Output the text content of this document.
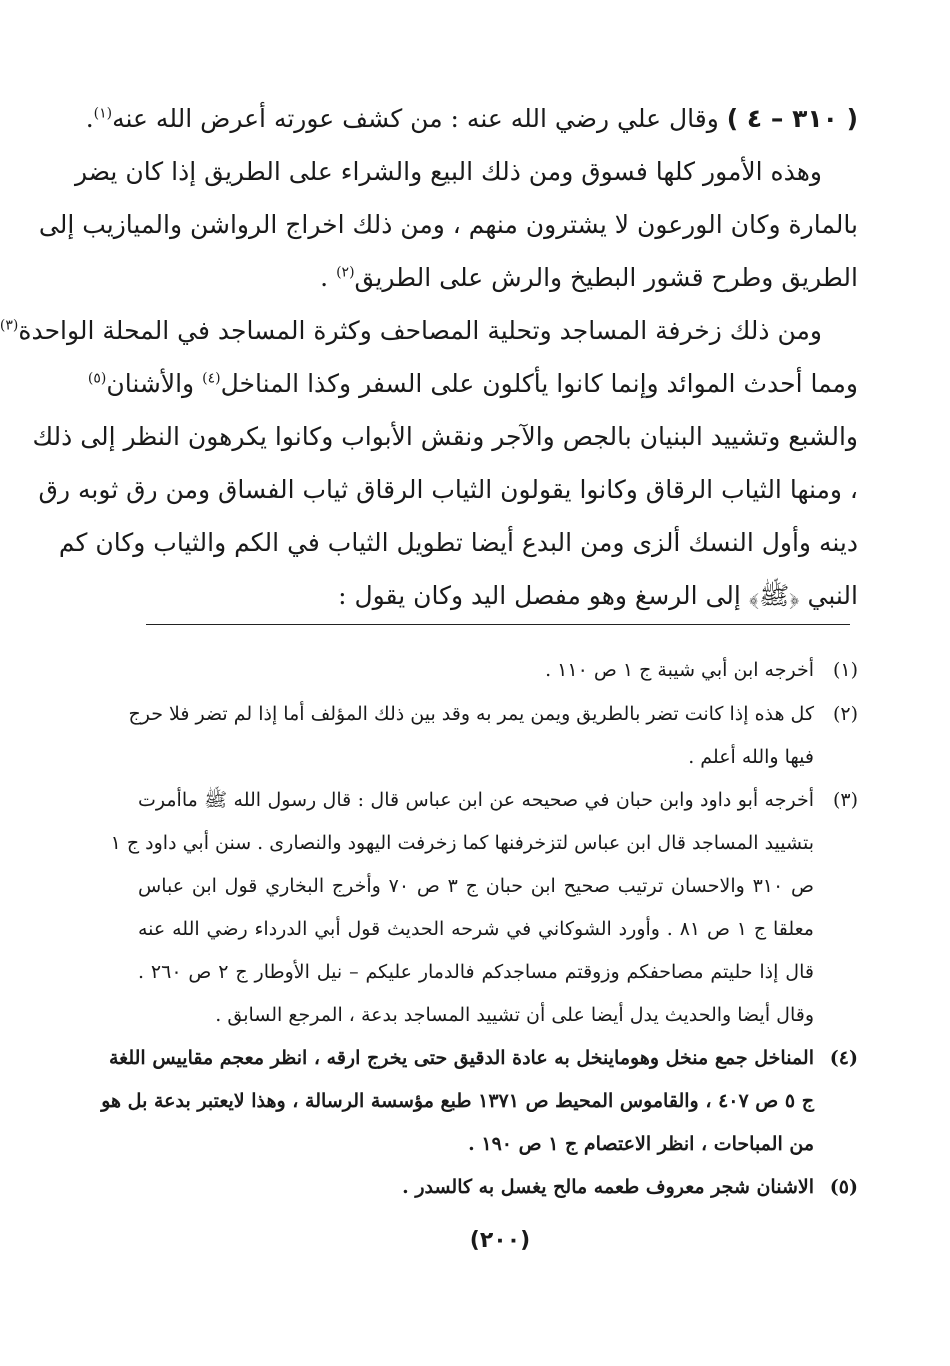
( ٣١٠ – ٤ ) وقال علي رضي الله عنه : من كشف عورته أعرض الله عنه$^{(١)}$.
وهذه الأمور كلها فسوق ومن ذلك البيع والشراء على الطريق إذا كان يضر
بالمارة وكان الورعون لا يشترون منهم ، ومن ذلك اخراج الرواشن والميازيب إلى
الطريق وطرح قشور البطيخ والرش على الطريق$^{(٢)}$ .
ومن ذلك زخرفة المساجد وتحلية المصاحف وكثرة المساجد في المحلة الواحدة$^{(٣)}$
ومما أحدث الموائد وإنما كانوا يأكلون على السفر وكذا المناخل$^{(٤)}$ والأشنان$^{(٥)}$
والشبع وتشييد البنيان بالجص والآجر ونقش الأبواب وكانوا يكرهون النظر إلى ذلك
، ومنها الثياب الرقاق وكانوا يقولون الثياب الرقاق ثياب الفساق ومن رق ثوبه رق
دينه وأول النسك ألزى ومن البدع أيضا تطويل الثياب في الكم والثياب وكان كم
النبي ﴿ﷺ﴾ إلى الرسغ وهو مفصل اليد وكان يقول :
(١)
أخرجه ابن أبي شيبة ج ١ ص ١١٠ .
(٢)
كل هذه إذا كانت تضر بالطريق ويمن يمر به وقد بين ذلك المؤلف أما إذا لم تضر فلا حرج
فيها والله أعلم .
(٣)
أخرجه أبو داود وابن حبان في صحيحه عن ابن عباس قال : قال رسول الله ﷺ ماأمرت
بتشييد المساجد قال ابن عباس لتزخرفنها كما زخرفت اليهود والنصارى . سنن أبي داود ج ١
ص ٣١٠ والاحسان ترتيب صحيح ابن حبان ج ٣ ص ٧٠ وأخرج البخاري قول ابن عباس
معلقا ج ١ ص ٨١ . وأورد الشوكاني في شرحه الحديث قول أبي الدرداء رضي الله عنه
قال إذا حليتم مصاحفكم وزوقتم مساجدكم فالدمار عليكم – نيل الأوطار ج ٢ ص ٢٦٠ .
وقال أيضا والحديث يدل أيضا على أن تشييد المساجد بدعة ، المرجع السابق .
(٤)
المناخل جمع منخل وهوماينخل به عادة الدقيق حتى يخرج ارقه ، انظر معجم مقاييس اللغة
ج ٥ ص ٤٠٧ ، والقاموس المحيط ص ١٣٧١ طبع مؤسسة الرسالة ، وهذا لايعتبر بدعة بل هو
من المباحات ، انظر الاعتصام ج ١ ص ١٩٠ .
(٥)
الاشنان شجر معروف طعمه مالح يغسل به كالسدر .
(٢٠٠)
